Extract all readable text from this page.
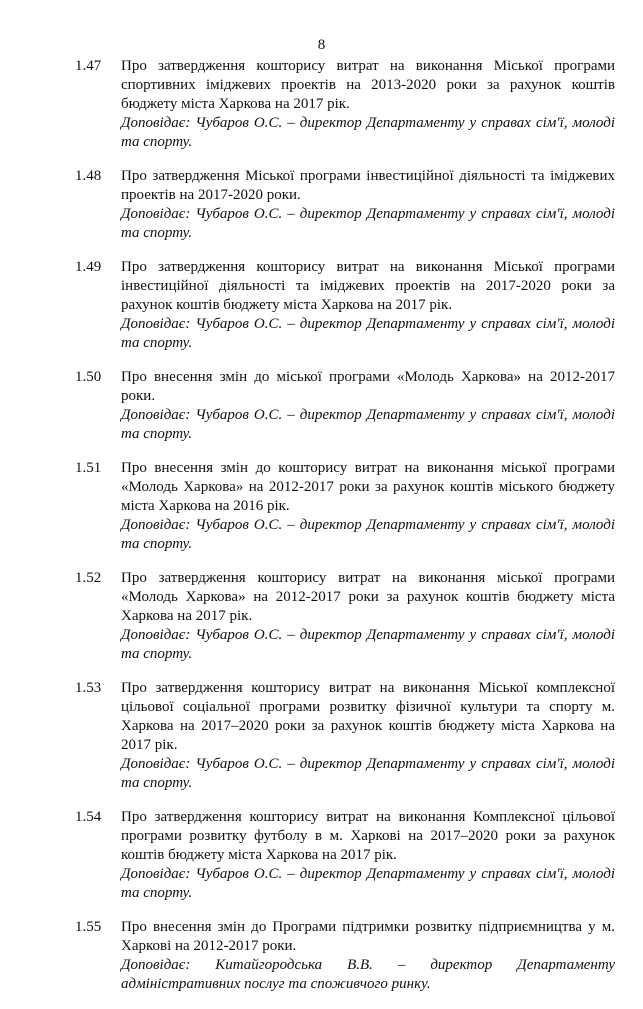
8
1.47 Про затвердження кошторису витрат на виконання Міської програми спортивних іміджевих проектів на 2013-2020 роки за рахунок коштів бюджету міста Харкова на 2017 рік.
Доповідає: Чубаров О.С. – директор Департаменту у справах сім'ї, молоді та спорту.
1.48 Про затвердження Міської програми інвестиційної діяльності та іміджевих проектів на 2017-2020 роки.
Доповідає: Чубаров О.С. – директор Департаменту у справах сім'ї, молоді та спорту.
1.49 Про затвердження кошторису витрат на виконання Міської програми інвестиційної діяльності та іміджевих проектів на 2017-2020 роки за рахунок коштів бюджету міста Харкова на 2017 рік.
Доповідає: Чубаров О.С. – директор Департаменту у справах сім'ї, молоді та спорту.
1.50 Про внесення змін до міської програми «Молодь Харкова» на 2012-2017 роки.
Доповідає: Чубаров О.С. – директор Департаменту у справах сім'ї, молоді та спорту.
1.51 Про внесення змін до кошторису витрат на виконання міської програми «Молодь Харкова» на 2012-2017 роки за рахунок коштів міського бюджету міста Харкова на 2016 рік.
Доповідає: Чубаров О.С. – директор Департаменту у справах сім'ї, молоді та спорту.
1.52 Про затвердження кошторису витрат на виконання міської програми «Молодь Харкова» на 2012-2017 роки за рахунок коштів бюджету міста Харкова на 2017 рік.
Доповідає: Чубаров О.С. – директор Департаменту у справах сім'ї, молоді та спорту.
1.53 Про затвердження кошторису витрат на виконання Міської комплексної цільової соціальної програми розвитку фізичної культури та спорту м. Харкова на 2017–2020 роки за рахунок коштів бюджету міста Харкова на 2017 рік.
Доповідає: Чубаров О.С. – директор Департаменту у справах сім'ї, молоді та спорту.
1.54 Про затвердження кошторису витрат на виконання Комплексної цільової програми розвитку футболу в м. Харкові на 2017–2020 роки за рахунок коштів бюджету міста Харкова на 2017 рік.
Доповідає: Чубаров О.С. – директор Департаменту у справах сім'ї, молоді та спорту.
1.55 Про внесення змін до Програми підтримки розвитку підприємництва у м. Харкові на 2012-2017 роки.
Доповідає: Китайгородська В.В. – директор Департаменту адміністративних послуг та споживчого ринку.
